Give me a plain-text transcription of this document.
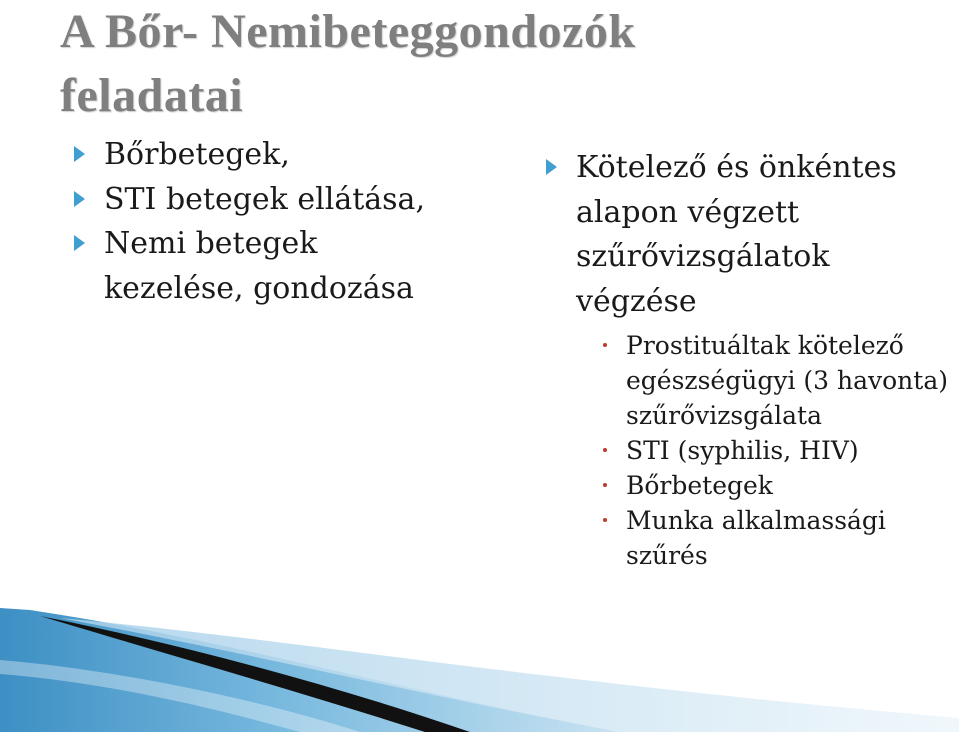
A Bőr- Nemibeteggondozók
feladatai
Bőrbetegek,
STI betegek ellátása,
Nemi betegek
kezelése, gondozása
Kötelező és önkéntes
alapon végzett
szűrővizsgálatok
végzése
Prostituáltak kötelező
egészségügyi (3 havonta)
szűrővizsgálata
STI (syphilis, HIV)
Bőrbetegek
Munka alkalmassági
szűrés
